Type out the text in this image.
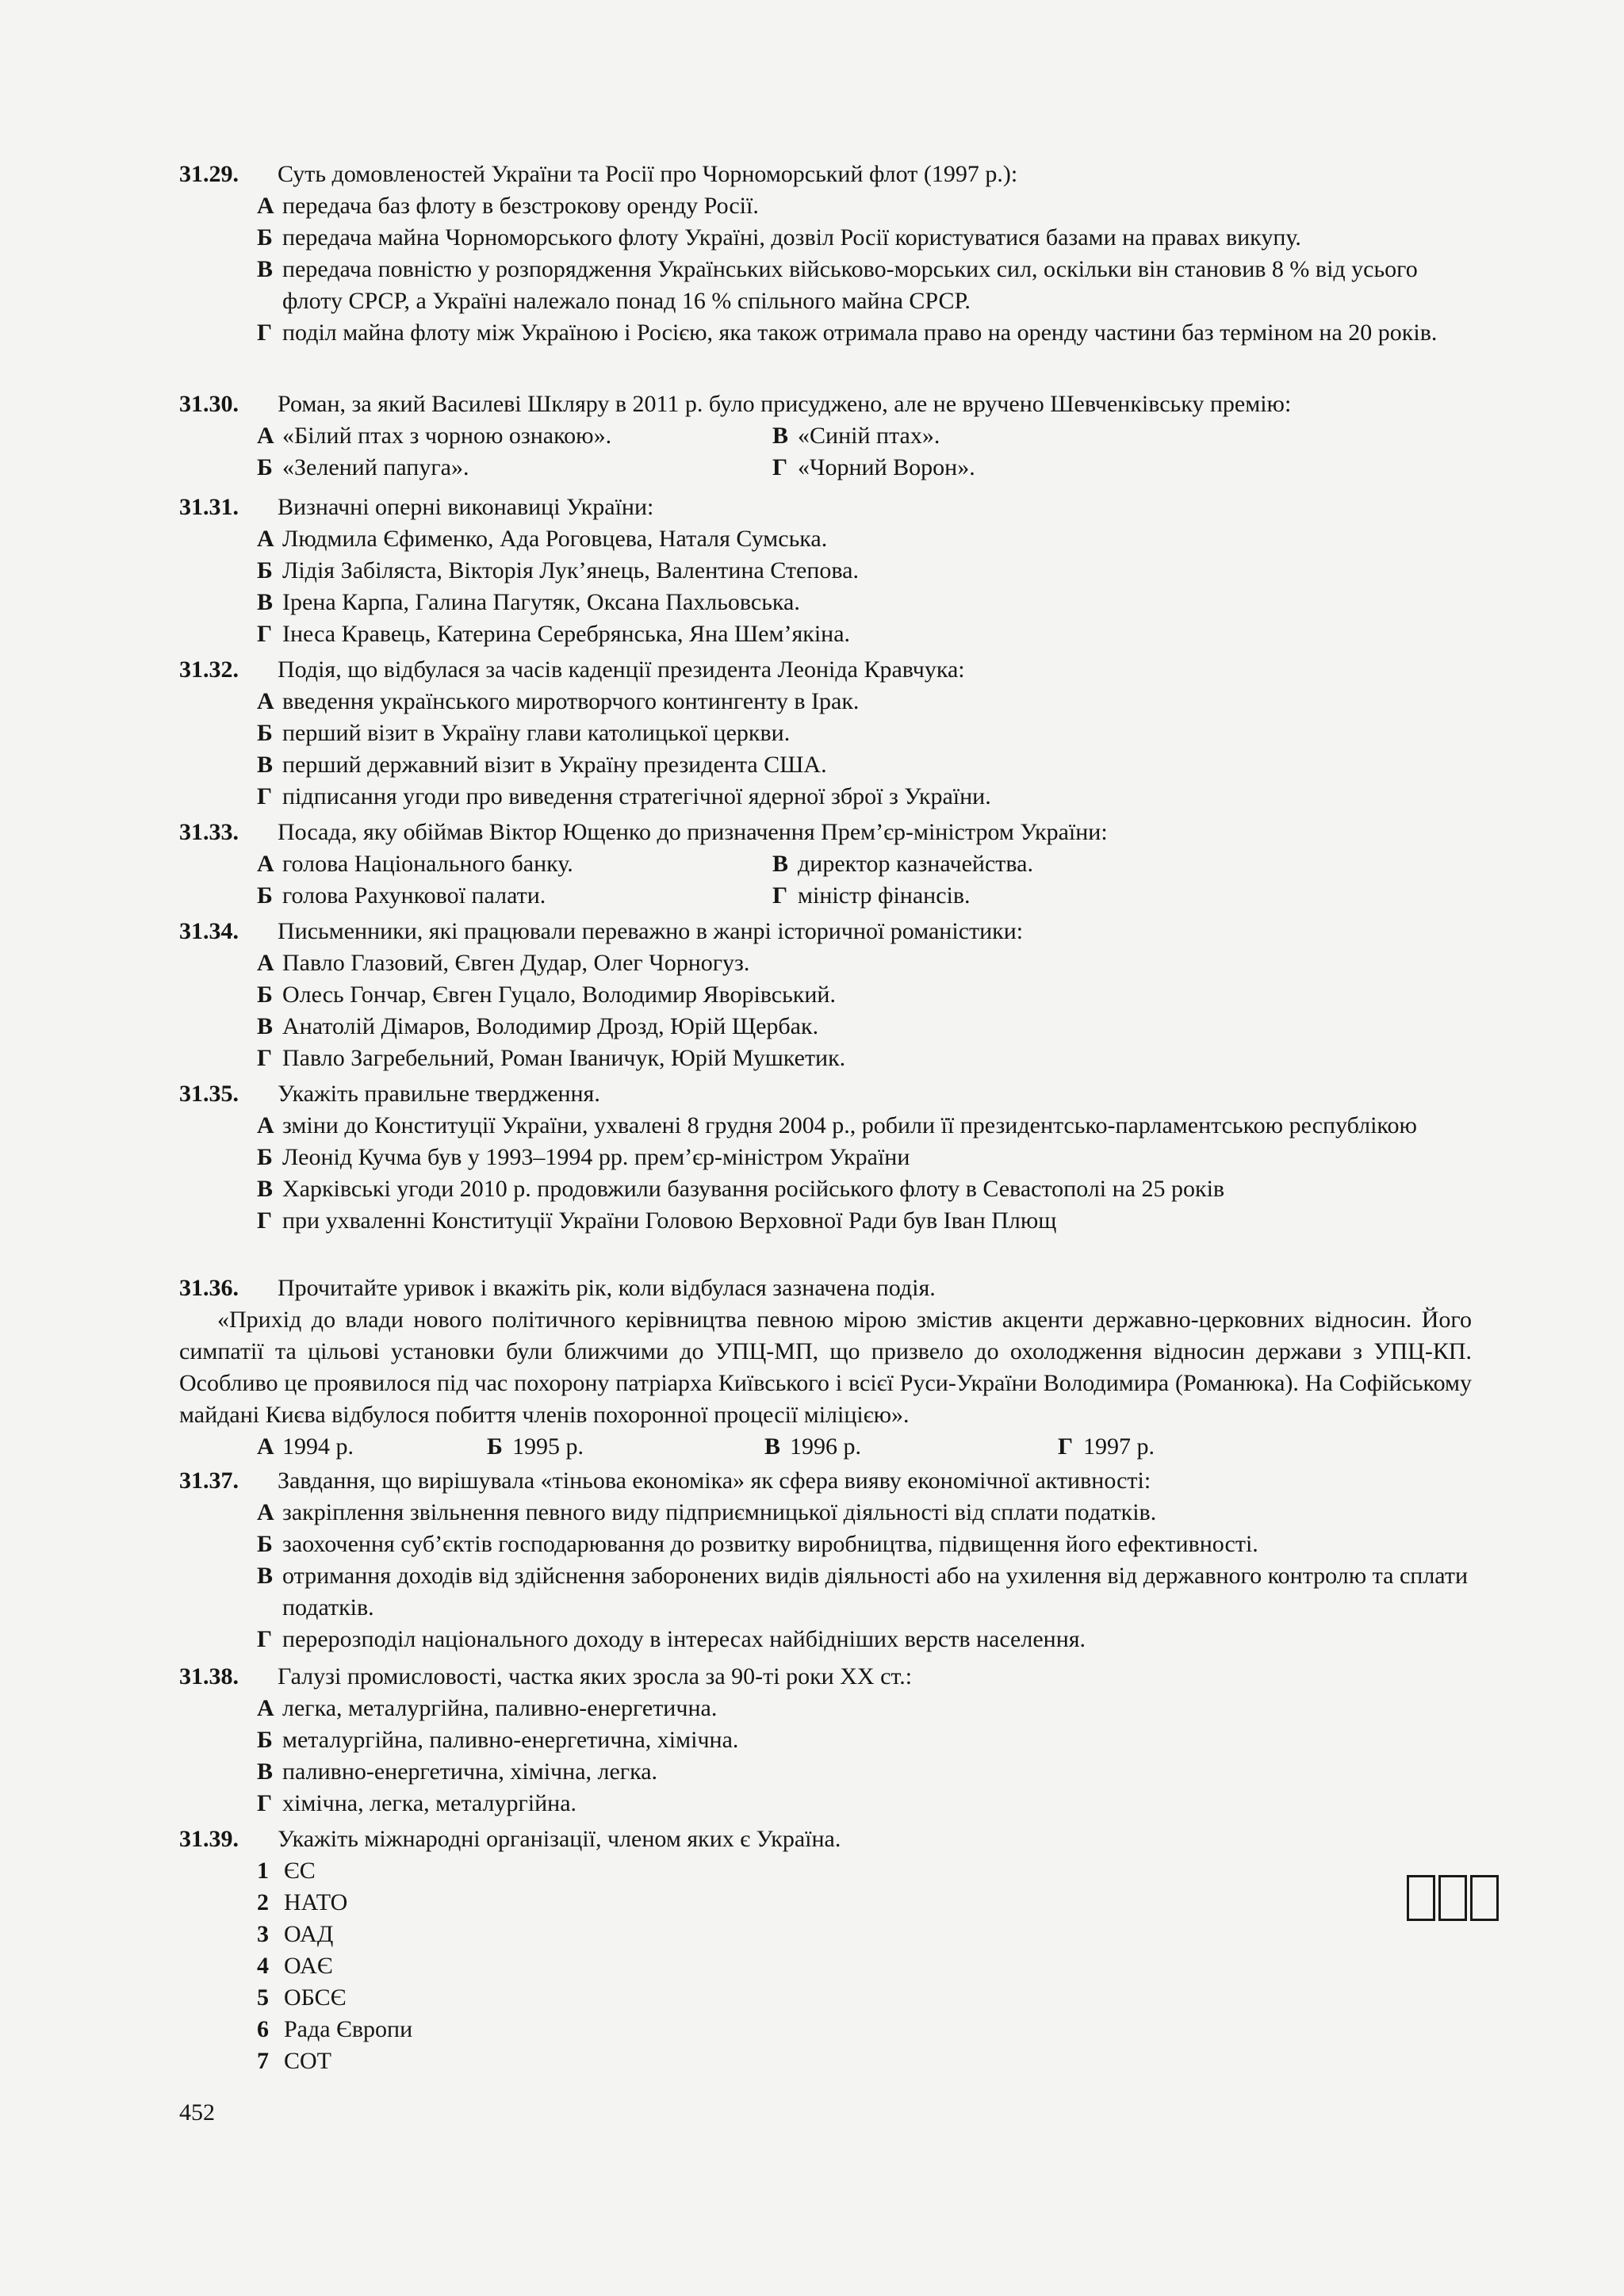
31.29.	Суть домовленостей України та Росії про Чорноморський флот (1997 р.):
А передача баз флоту в безстрокову оренду Росії.
Б передача майна Чорноморського флоту Україні, дозвіл Росії користуватися базами на правах викупу.
В передача повністю у розпорядження Українських військово-морських сил, оскільки він становив 8 % від усього флоту СРСР, а Україні належало понад 16 % спільного майна СРСР.
Г поділ майна флоту між Україною і Росією, яка також отримала право на оренду частини баз терміном на 20 років.
31.30.	Роман, за який Василеві Шкляру в 2011 р. було присуджено, але не вручено Шевченківську премію:
А «Білий птах з чорною ознакою».	В «Синій птах».
Б «Зелений папуга».	Г «Чорний Ворон».
31.31.	Визначні оперні виконавиці України:
А Людмила Єфименко, Ада Роговцева, Наталя Сумська.
Б Лідія Забіляста, Вікторія Лук’янець, Валентина Степова.
В Ірена Карпа, Галина Пагутяк, Оксана Пахльовська.
Г Інеса Кравець, Катерина Серебрянська, Яна Шем’якіна.
31.32.	Подія, що відбулася за часів каденції президента Леоніда Кравчука:
А введення українського миротворчого контингенту в Ірак.
Б перший візит в Україну глави католицької церкви.
В перший державний візит в Україну президента США.
Г підписання угоди про виведення стратегічної ядерної зброї з України.
31.33.	Посада, яку обіймав Віктор Ющенко до призначення Прем’єр-міністром України:
А голова Національного банку.	В директор казначейства.
Б голова Рахункової палати.	Г міністр фінансів.
31.34.	Письменники, які працювали переважно в жанрі історичної романістики:
А Павло Глазовий, Євген Дудар, Олег Чорногуз.
Б Олесь Гончар, Євген Гуцало, Володимир Яворівський.
В Анатолій Дімаров, Володимир Дрозд, Юрій Щербак.
Г Павло Загребельний, Роман Іваничук, Юрій Мушкетик.
31.35.	Укажіть правильне твердження.
А зміни до Конституції України, ухвалені 8 грудня 2004 р., робили її президентсько-парламентською республікою
Б Леонід Кучма був у 1993–1994 рр. прем’єр-міністром України
В Харківські угоди 2010 р. продовжили базування російського флоту в Севастополі на 25 років
Г при ухваленні Конституції України Головою Верховної Ради був Іван Плющ
31.36.	Прочитайте уривок і вкажіть рік, коли відбулася зазначена подія.
«Прихід до влади нового політичного керівництва певною мірою змістив акценти державно-церковних відносин. Його симпатії та цільові установки були ближчими до УПЦ-МП, що призвело до охолодження відносин держави з УПЦ-КП. Особливо це проявилося під час похорону патріарха Київського і всієї Руси-України Володимира (Романюка). На Софійському майдані Києва відбулося побиття членів похоронної процесії міліцією».
А 1994 р.	Б 1995 р.	В 1996 р.	Г 1997 р.
31.37.	Завдання, що вирішувала «тіньова економіка» як сфера вияву економічної активності:
А закріплення звільнення певного виду підприємницької діяльності від сплати податків.
Б заохочення суб’єктів господарювання до розвитку виробництва, підвищення його ефективності.
В отримання доходів від здійснення заборонених видів діяльності або на ухилення від державного контролю та сплати податків.
Г перерозподіл національного доходу в інтересах найбідніших верств населення.
31.38.	Галузі промисловості, частка яких зросла за 90-ті роки ХХ ст.:
А легка, металургійна, паливно-енергетична.
Б металургійна, паливно-енергетична, хімічна.
В паливно-енергетична, хімічна, легка.
Г хімічна, легка, металургійна.
31.39.	Укажіть міжнародні організації, членом яких є Україна.
1 ЄС
2 НАТО
3 ОАД
4 ОАЄ
5 ОБСЄ
6 Рада Європи
7 СОТ
452
